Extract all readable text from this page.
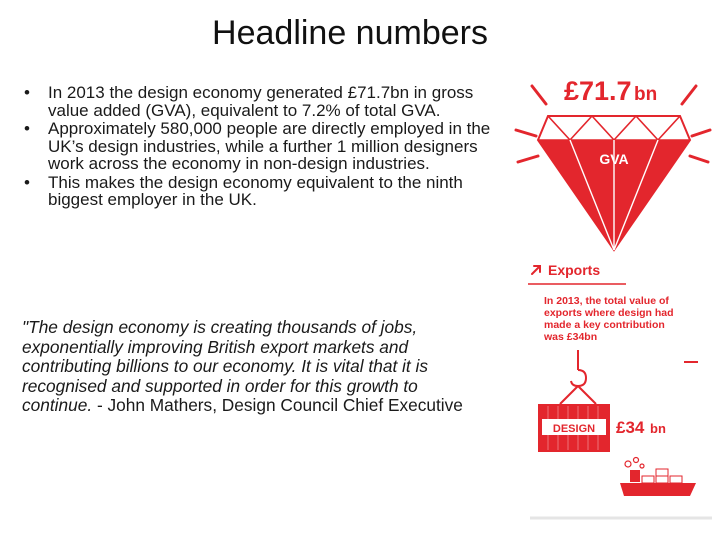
Headline numbers
• In 2013 the design economy generated £71.7bn in gross value added (GVA), equivalent to 7.2% of total GVA.
• Approximately 580,000 people are directly employed in the UK’s design industries, while a further 1 million designers work across the economy in non-design industries.
• This makes the design economy equivalent to the ninth biggest employer in the UK.
"The design economy is creating thousands of jobs, exponentially improving British export markets and contributing billions to our economy. It is vital that it is recognised and supported in order for this growth to continue. - John Mathers, Design Council Chief Executive
£71.7 bn
GVA
Exports
In 2013, the total value of
exports where design had
made a key contribution
was £34bn
DESIGN £34 bn
